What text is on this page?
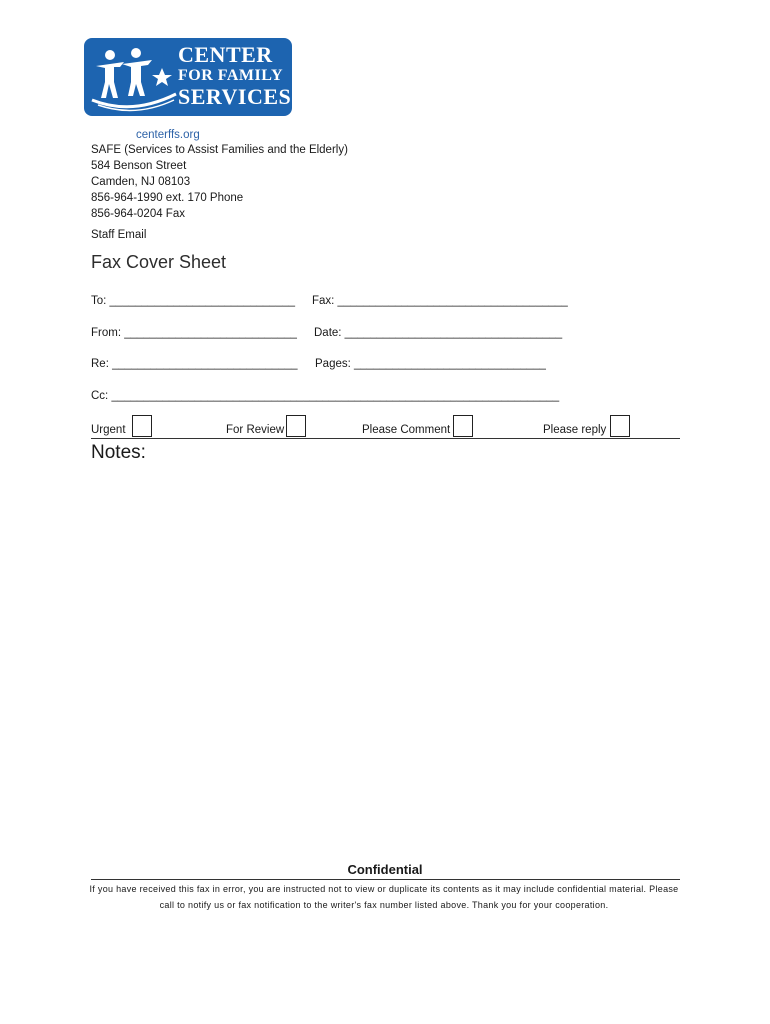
CENTER
FOR FAMILY
SERVICES
centerffs.org
SAFE (Services to Assist Families and the Elderly)
584 Benson Street
Camden, NJ 08103
856-964-1990 ext. 170 Phone
856-964-0204 Fax
Staff Email
Fax Cover Sheet
To: _____________________________ Fax: ____________________________________
From: ___________________________ Date: __________________________________
Re: _____________________________ Pages: ______________________________
Cc: ______________________________________________________________________
Urgent	For Review	Please Comment	Please reply
Notes:
Confidential
If you have received this fax in error, you are instructed not to view or duplicate its contents as it may include confidential material. Please call to notify us or fax notification to the writer's fax number listed above. Thank you for your cooperation.
